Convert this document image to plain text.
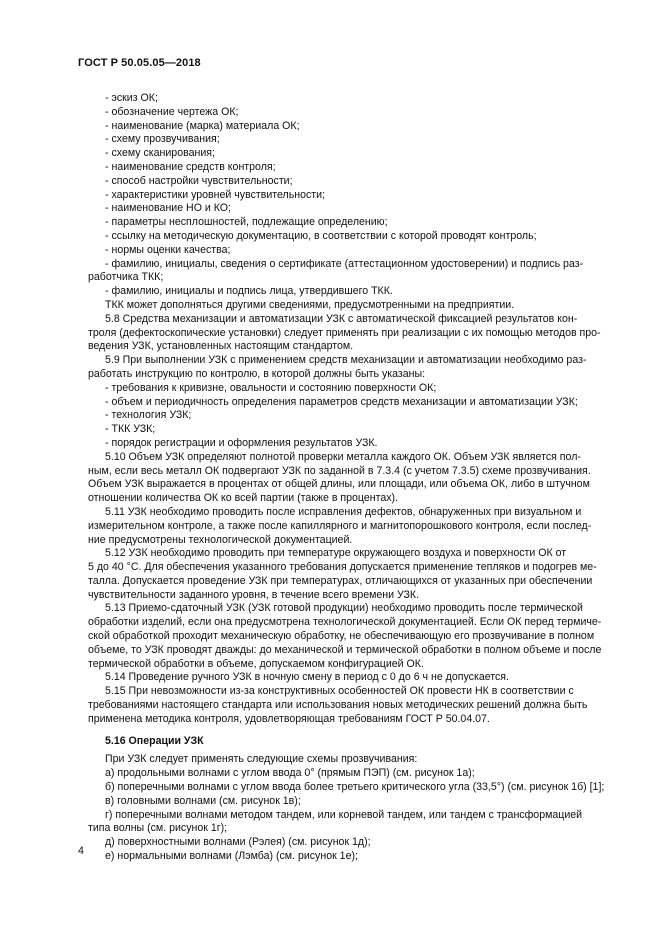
ГОСТ Р 50.05.05—2018

- эскиз ОК;

- обозначение чертежа ОК;

- наименование (марка) материала ОК;

- схему прозвучивания;

- схему сканирования;

- наименование средств контроля;

- способ настройки чувствительности;

- характеристики уровней чувствительности;

- наименование НО и КО;

- параметры несплошностей, подлежащие определению;

- ссылку на методическую документацию, в соответствии с которой проводят контроль;

- нормы оценки качества;

- фамилию, инициалы, сведения о сертификате (аттестационном удостоверении) и подпись раз-

работчика ТКК;

- фамилию, инициалы и подпись лица, утвердившего ТКК.

ТКК может дополняться другими сведениями, предусмотренными на предприятии.

5.8 Средства механизации и автоматизации УЗК с автоматической фиксацией результатов кон-

троля (дефектоскопические установки) следует применять при реализации с их помощью методов про-

ведения УЗК, установленных настоящим стандартом.

5.9 При выполнении УЗК с применением средств механизации и автоматизации необходимо раз-

работать инструкцию по контролю, в которой должны быть указаны:

- требования к кривизне, овальности и состоянию поверхности ОК;

- объем и периодичность определения параметров средств механизации и автоматизации УЗК;

- технология УЗК;

- ТКК УЗК;

- порядок регистрации и оформления результатов УЗК.

5.10 Объем УЗК определяют полнотой проверки металла каждого ОК. Объем УЗК является пол-

ным, если весь металл ОК подвергают УЗК по заданной в 7.3.4 (с учетом 7.3.5) схеме прозвучивания.

Объем УЗК выражается в процентах от общей длины, или площади, или объема ОК, либо в штучном

отношении количества ОК ко всей партии (также в процентах).

5.11 УЗК необходимо проводить после исправления дефектов, обнаруженных при визуальном и

измерительном контроле, а также после капиллярного и магнитопорошкового контроля, если послед-

ние предусмотрены технологической документацией.

5.12 УЗК необходимо проводить при температуре окружающего воздуха и поверхности ОК от

5 до 40 °С. Для обеспечения указанного требования допускается применение тепляков и подогрев ме-

талла. Допускается проведение УЗК при температурах, отличающихся от указанных при обеспечении

чувствительности заданного уровня, в течение всего времени УЗК.

5.13 Приемо-сдаточный УЗК (УЗК готовой продукции) необходимо проводить после термической

обработки изделий, если она предусмотрена технологической документацией. Если ОК перед термиче-

ской обработкой проходит механическую обработку, не обеспечивающую его прозвучивание в полном

объеме, то УЗК проводят дважды: до механической и термической обработки в полном объеме и после

термической обработки в объеме, допускаемом конфигурацией ОК.

5.14 Проведение ручного УЗК в ночную смену в период с 0 до 6 ч не допускается.

5.15 При невозможности из-за конструктивных особенностей ОК провести НК в соответствии с

требованиями настоящего стандарта или использования новых методических решений должна быть

применена методика контроля, удовлетворяющая требованиям ГОСТ Р 50.04.07.

5.16 Операции УЗК

При УЗК следует применять следующие схемы прозвучивания:

а) продольными волнами с углом ввода 0° (прямым ПЭП) (см. рисунок 1а);

б) поперечными волнами с углом ввода более третьего критического угла (33,5°) (см. рисунок 1б) [1];

в) головными волнами (см. рисунок 1в);

г) поперечными волнами методом тандем, или корневой тандем, или тандем с трансформацией

типа волны (см. рисунок 1г);

д) поверхностными волнами (Рэлея) (см. рисунок 1д);

е) нормальными волнами (Лэмба) (см. рисунок 1е);

4
